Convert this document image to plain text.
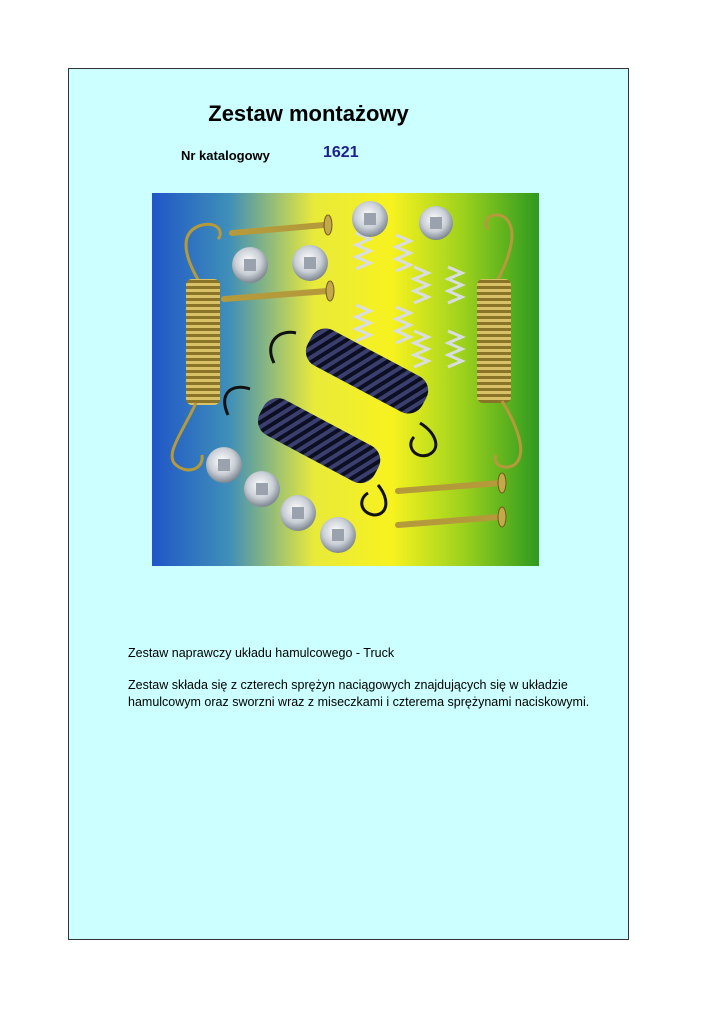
Zestaw montażowy
Nr katalogowy	1621

Zestaw naprawczy układu hamulcowego - Truck

Zestaw składa się z czterech sprężyn naciągowych znajdujących się w układzie hamulcowym oraz sworzni wraz z miseczkami i czterema sprężynami naciskowymi.
